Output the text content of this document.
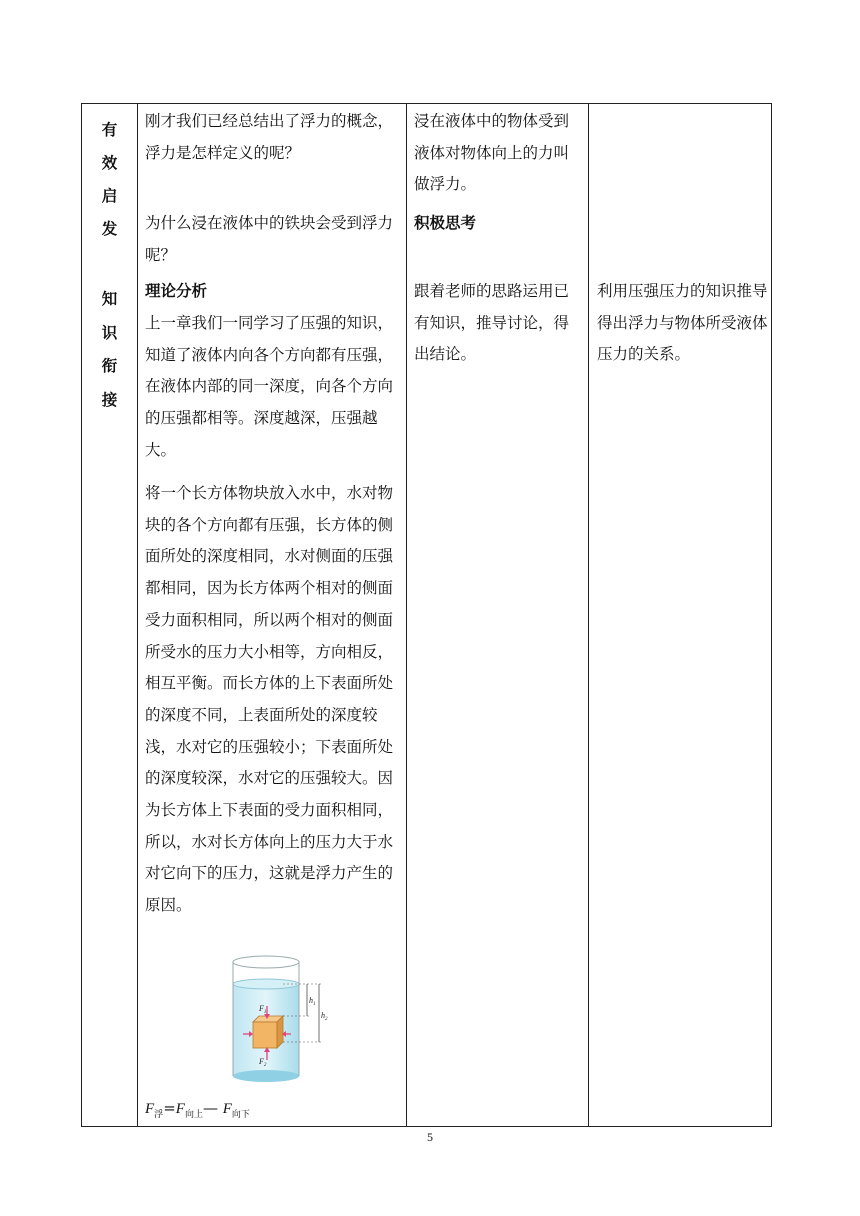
有
效
启
发
知
识
衔
接

刚才我们已经总结出了浮力的概念，浮力是怎样定义的呢？

为什么浸在液体中的铁块会受到浮力呢？

理论分析

上一章我们一同学习了压强的知识，知道了液体内向各个方向都有压强，在液体内部的同一深度，向各个方向的压强都相等。深度越深，压强越大。

将一个长方体物块放入水中，水对物块的各个方向都有压强，长方体的侧面所处的深度相同，水对侧面的压强都相同，因为长方体两个相对的侧面受力面积相同，所以两个相对的侧面所受水的压力大小相等，方向相反，相互平衡。而长方体的上下表面所处的深度不同，上表面所处的深度较浅，水对它的压强较小；下表面所处的深度较深，水对它的压强较大。因为长方体上下表面的受力面积相同，所以，水对长方体向上的压力大于水对它向下的压力，这就是浮力产生的原因。

$F_1$
$F_2$
$h_1$
$h_2$
$F_浮=F_{向上}—$ $F_{向下}$

浸在液体中的物体受到液体对物体向上的力叫做浮力。

积极思考

跟着老师的思路运用已有知识，推导讨论，得出结论。

利用压强压力的知识推导得出浮力与物体所受液体压力的关系。

5
